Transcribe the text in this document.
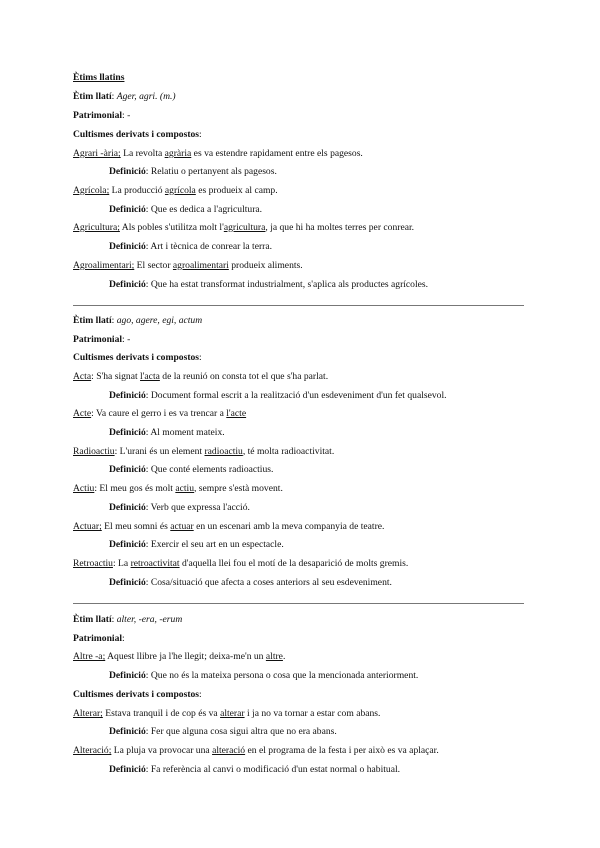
Ètims llatins
Ètim llatí: Ager, agri. (m.)
Patrimonial: -
Cultismes derivats i compostos:
Agrari -ària; La revolta agrària es va estendre rapidament entre els pagesos.
Definició: Relatiu o pertanyent als pagesos.
Agrícola; La producció agrícola es produeix al camp.
Definició: Que es dedica a l'agricultura.
Agricultura; Als pobles s'utilitza molt l'agricultura, ja que hi ha moltes terres per conrear.
Definició: Art i tècnica de conrear la terra.
Agroalimentari; El sector agroalimentari produeix aliments.
Definició: Que ha estat transformat industrialment, s'aplica als productes agrícoles.
Ètim llatí: ago, agere, egi, actum
Patrimonial: -
Cultismes derivats i compostos:
Acta: S'ha signat l'acta de la reunió on consta tot el que s'ha parlat.
Definició: Document formal escrit a la realització d'un esdeveniment d'un fet qualsevol.
Acte: Va caure el gerro i es va trencar a l'acte
Definició: Al moment mateix.
Radioactiu: L'urani és un element radioactiu, té molta radioactivitat.
Definició: Que conté elements radioactius.
Actiu: El meu gos és molt actiu, sempre s'està movent.
Definició: Verb que expressa l'acció.
Actuar; El meu somni és actuar en un escenari amb la meva companyia de teatre.
Definició: Exercir el seu art en un espectacle.
Retroactiu: La retroactivitat d'aquella llei fou el motí de la desaparició de molts gremis.
Definició: Cosa/situació que afecta a coses anteriors al seu esdeveniment.
Ètim llatí: alter, -era, -erum
Patrimonial:
Altre -a; Aquest llibre ja l'he llegit; deixa-me'n un altre.
Definició: Que no és la mateixa persona o cosa que la mencionada anteriorment.
Cultismes derivats i compostos:
Alterar; Estava tranquil i de cop és va alterar i ja no va tornar a estar com abans.
Definició: Fer que alguna cosa sigui altra que no era abans.
Alteració; La pluja va provocar una alteració en el programa de la festa i per això es va aplaçar.
Definició: Fa referència al canvi o modificació d'un estat normal o habitual.
